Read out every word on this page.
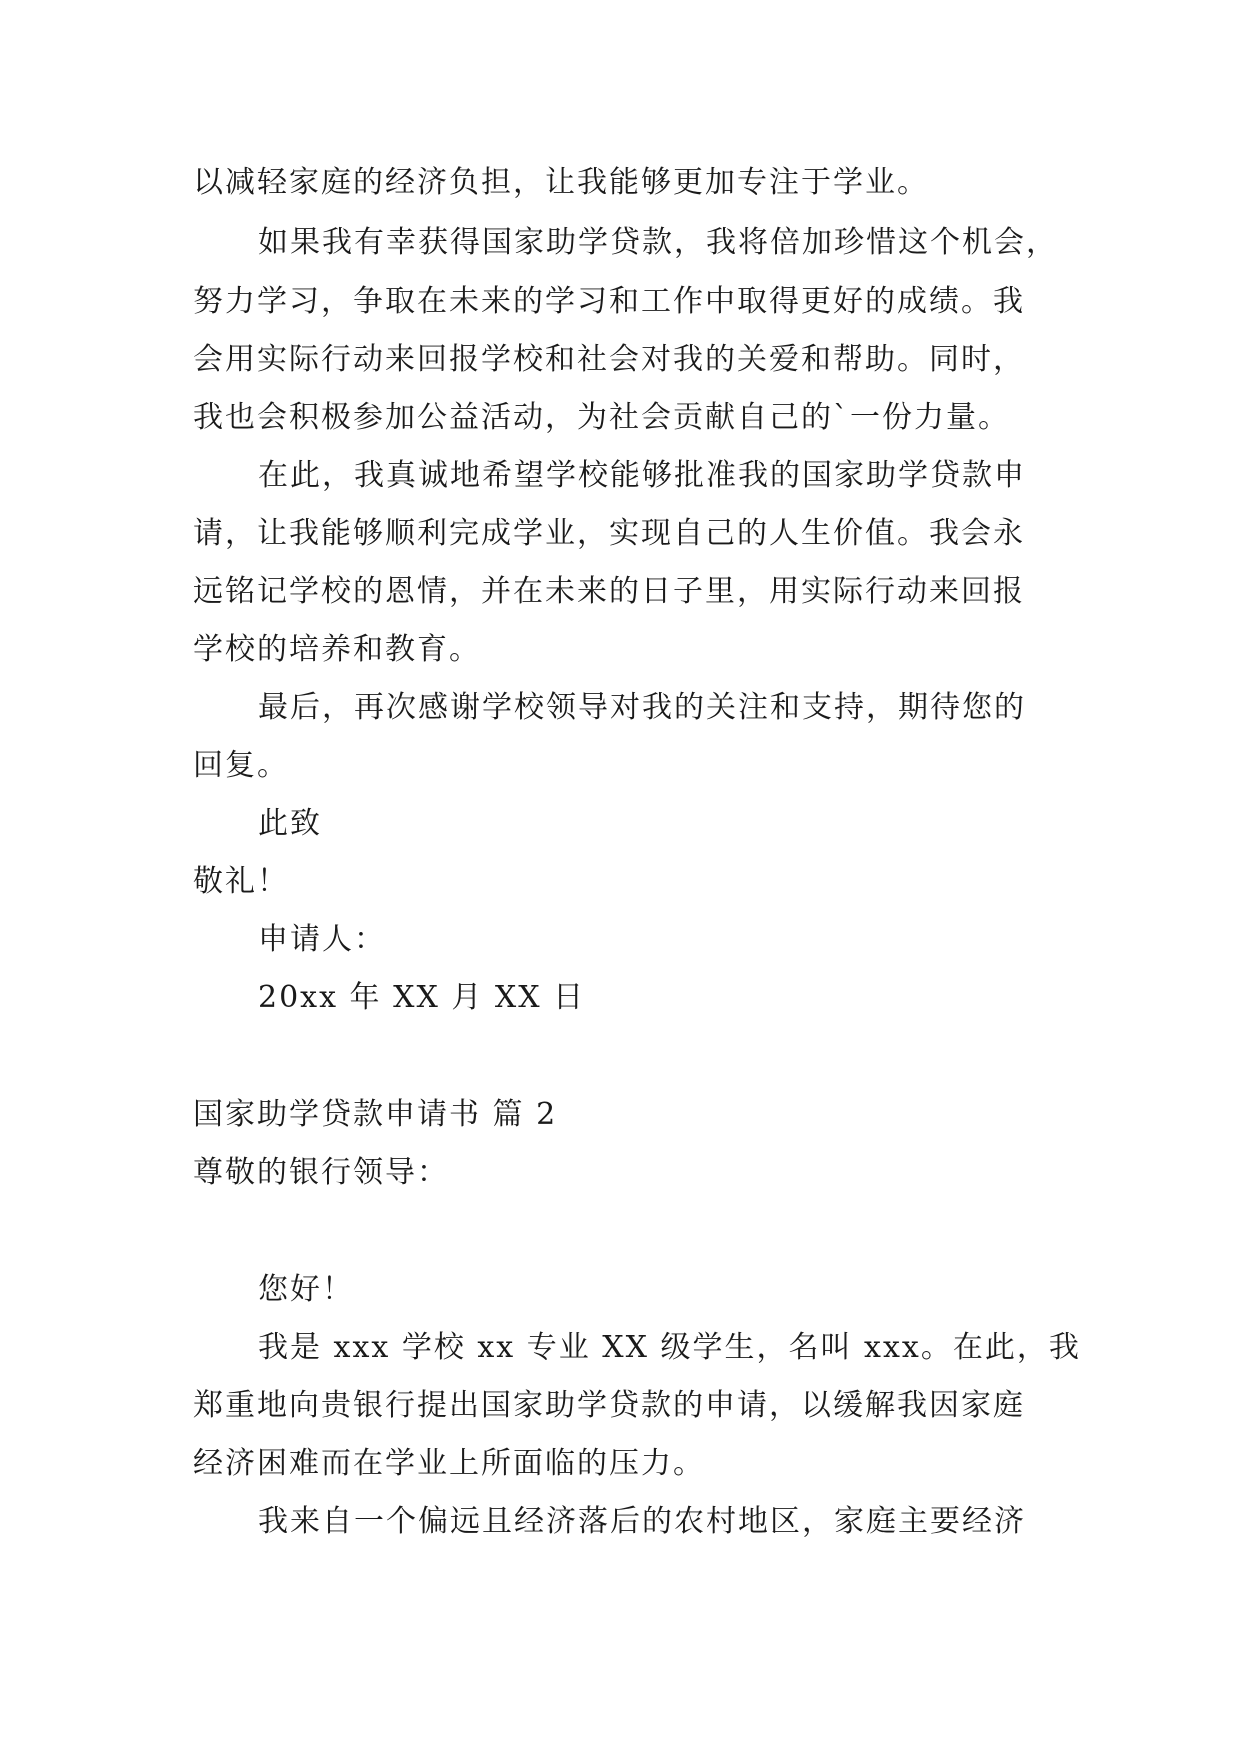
以减轻家庭的经济负担，让我能够更加专注于学业。
如果我有幸获得国家助学贷款，我将倍加珍惜这个机会，
努力学习，争取在未来的学习和工作中取得更好的成绩。我
会用实际行动来回报学校和社会对我的关爱和帮助。同时，
我也会积极参加公益活动，为社会贡献自己的`一份力量。
在此，我真诚地希望学校能够批准我的国家助学贷款申
请，让我能够顺利完成学业，实现自己的人生价值。我会永
远铭记学校的恩情，并在未来的日子里，用实际行动来回报
学校的培养和教育。
最后，再次感谢学校领导对我的关注和支持，期待您的
回复。
此致
敬礼！
申请人：
20xx 年 XX 月 XX 日
国家助学贷款申请书 篇 2
尊敬的银行领导：
您好！
我是 xxx 学校 xx 专业 XX 级学生，名叫 xxx。在此，我
郑重地向贵银行提出国家助学贷款的申请，以缓解我因家庭
经济困难而在学业上所面临的压力。
我来自一个偏远且经济落后的农村地区，家庭主要经济
